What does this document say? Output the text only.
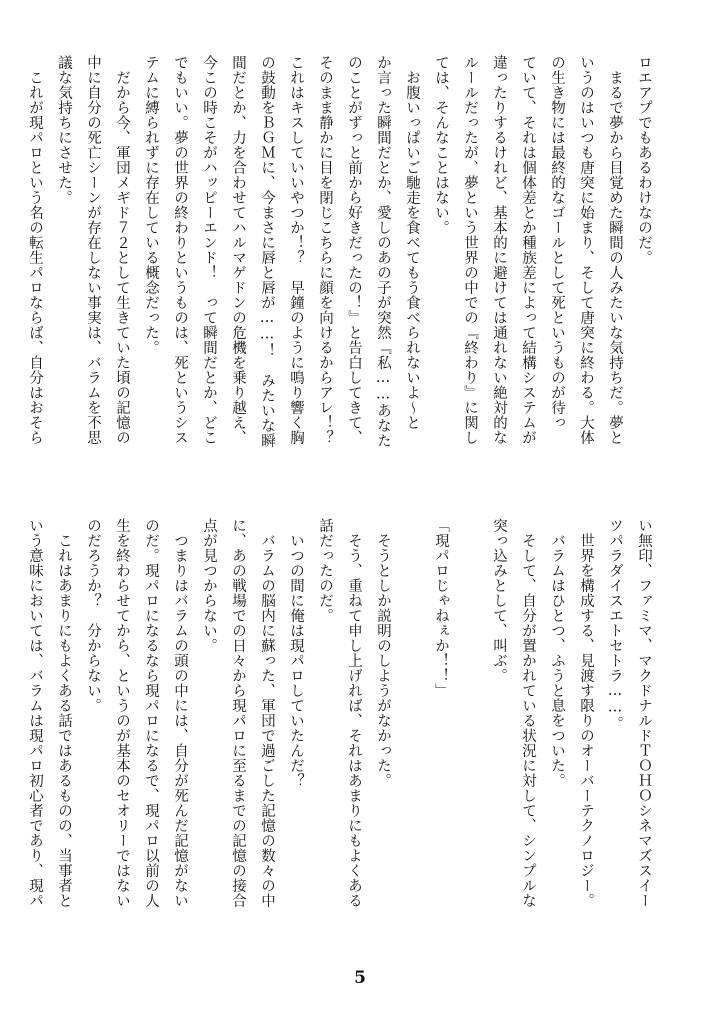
ロエアプでもあるわけなのだ。
　まるで夢から目覚めた瞬間の人みたいな気持ちだ。夢と
いうのはいつも唐突に始まり、そして唐突に終わる。大体
の生き物には最終的なゴールとして死というものが待っ
ていて、それは個体差とか種族差によって結構システムが
違ったりするけれど、基本的に避けては通れない絶対的な
ルールだったが、夢という世界の中での『終わり』に関し
ては、そんなことはない。
　お腹いっぱいご馳走を食べてもう食べられないよ〜と
か言った瞬間だとか、愛しのあの子が突然『私……あなた
のことがずっと前から好きだったの！』と告白してきて、
そのまま静かに目を閉じこちらに顔を向けるからアレ！？
これはキスしていいやつか！？　早鐘のように鳴り響く胸
の鼓動をＢＧＭに、今まさに唇と唇が……！　みたいな瞬
間だとか、力を合わせてハルマゲドンの危機を乗り越え、
今この時こそがハッピーエンド！　って瞬間だとか、どこ
でもいい。夢の世界の終わりというものは、死というシス
テムに縛られずに存在している概念だった。
　だから今、軍団メギド７２として生きていた頃の記憶の
中に自分の死亡シーンが存在しない事実は、バラムを不思
議な気持ちにさせた。
　これが現パロという名の転生パロならば、自分はおそら
い無印、ファミマ、マクドナルドＴＯＨＯシネマズスイー
ツパラダイスエトセトラ……。
　世界を構成する、見渡す限りのオーバーテクノロジー。
　バラムはひとつ、ふうと息をついた。
　そして、自分が置かれている状況に対して、シンプルな
突っ込みとして、叫ぶ。
「現パロじゃねぇか！！」
　そうとしか説明のしようがなかった。
　そう、重ねて申し上げれば、それはあまりにもよくある
話だったのだ。
　いつの間に俺は現パロしていたんだ？
　バラムの脳内に蘇った、軍団で過ごした記憶の数々の中
に、あの戦場での日々から現パロに至るまでの記憶の接合
点が見つからない。
　つまりはバラムの頭の中には、自分が死んだ記憶がない
のだ。現パロになるなら現パロになるで、現パロ以前の人
生を終わらせてから、というのが基本のセオリーではない
のだろうか？　分からない。
　これはあまりにもよくある話ではあるものの、当事者と
いう意味においては、バラムは現パロ初心者であり、現パ
5
